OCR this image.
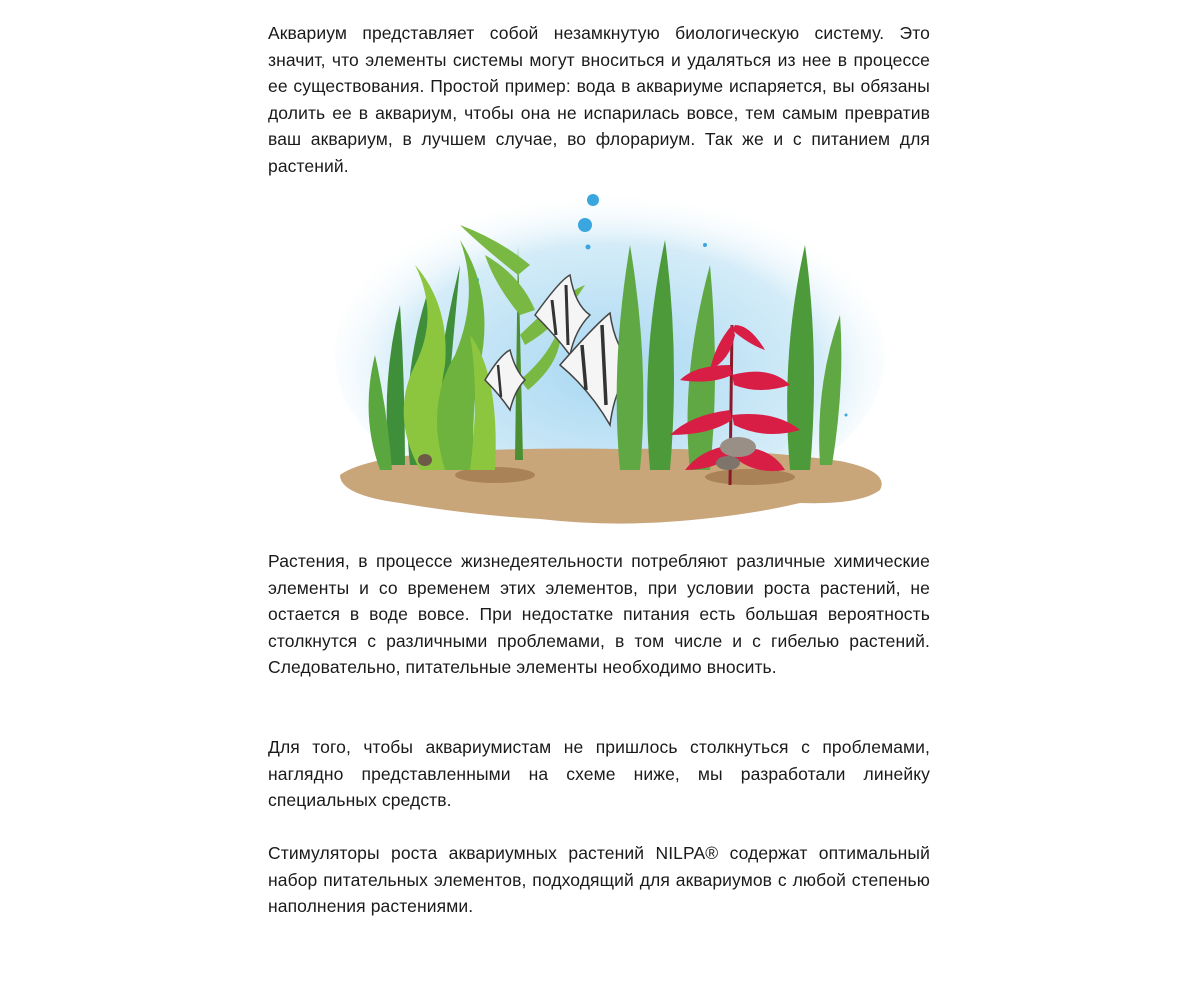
Аквариум представляет собой незамкнутую биологическую систему. Это значит, что элементы системы могут вноситься и удаляться из нее в процессе ее существования. Простой пример: вода в аквариуме испаряется, вы обязаны долить ее в аквариум, чтобы она не испарилась вовсе, тем самым превратив ваш аквариум, в лучшем случае, во флорариум. Так же и с питанием для растений.

Растения, в процессе жизнедеятельности потребляют различные химические элементы и со временем этих элементов, при условии роста растений, не остается в воде вовсе. При недостатке питания есть большая вероятность столкнутся с различными проблемами, в том числе и с гибелью растений. Следовательно, питательные элементы необходимо вносить.

Для того, чтобы аквариумистам не пришлось столкнуться с проблемами, наглядно представленными на схеме ниже, мы разработали линейку специальных средств.

Стимуляторы роста аквариумных растений NILPA® содержат оптимальный набор питательных элементов, подходящий для аквариумов с любой степенью наполнения растениями.
